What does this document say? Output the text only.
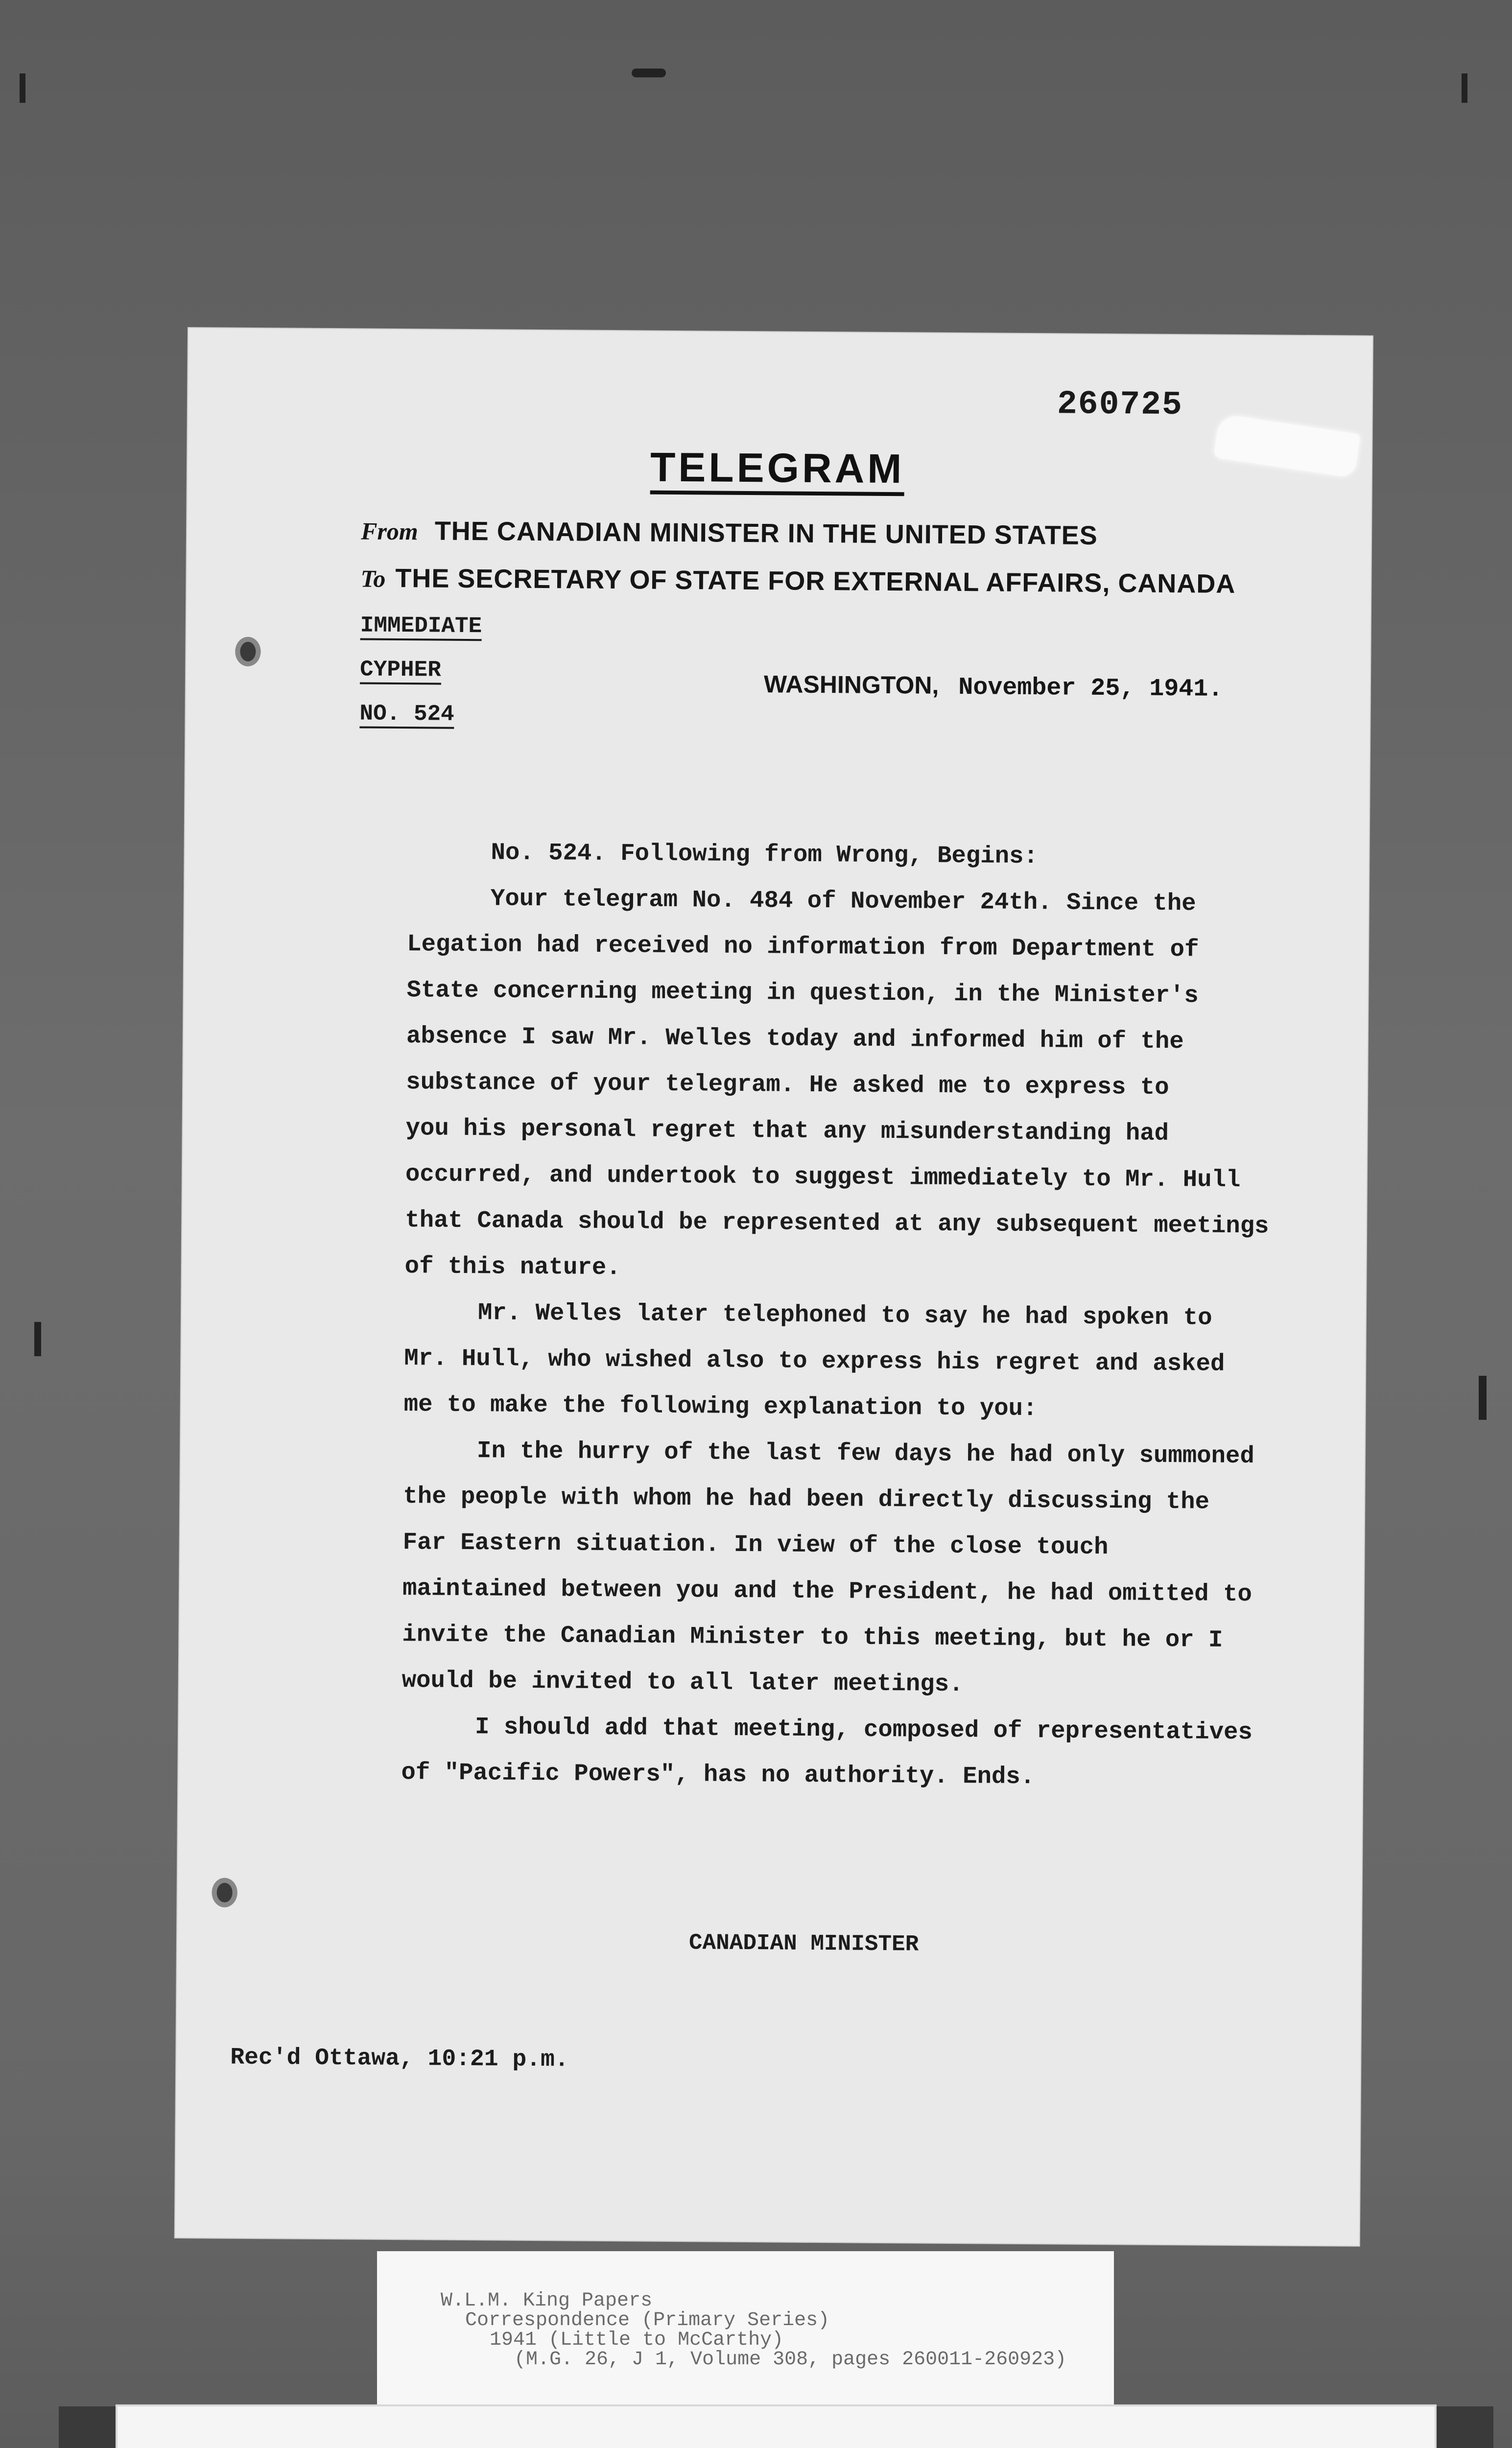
260725
TELEGRAM
From THE CANADIAN MINISTER IN THE UNITED STATES
To THE SECRETARY OF STATE FOR EXTERNAL AFFAIRS, CANADA
IMMEDIATE
CYPHER
NO. 524
WASHINGTON, November 25, 1941.
No. 524. Following from Wrong, Begins:
Your telegram No. 484 of November 24th. Since the
Legation had received no information from Department of
State concerning meeting in question, in the Minister's
absence I saw Mr. Welles today and informed him of the
substance of your telegram. He asked me to express to
you his personal regret that any misunderstanding had
occurred, and undertook to suggest immediately to Mr. Hull
that Canada should be represented at any subsequent meetings
of this nature.
Mr. Welles later telephoned to say he had spoken to
Mr. Hull, who wished also to express his regret and asked
me to make the following explanation to you:
In the hurry of the last few days he had only summoned
the people with whom he had been directly discussing the
Far Eastern situation. In view of the close touch
maintained between you and the President, he had omitted to
invite the Canadian Minister to this meeting, but he or I
would be invited to all later meetings.
I should add that meeting, composed of representatives
of "Pacific Powers", has no authority. Ends.
CANADIAN MINISTER
Rec'd Ottawa, 10:21 p.m.
W.L.M. King Papers
Correspondence (Primary Series)
1941 (Little to McCarthy)
(M.G. 26, J 1, Volume 308, pages 260011-260923)
